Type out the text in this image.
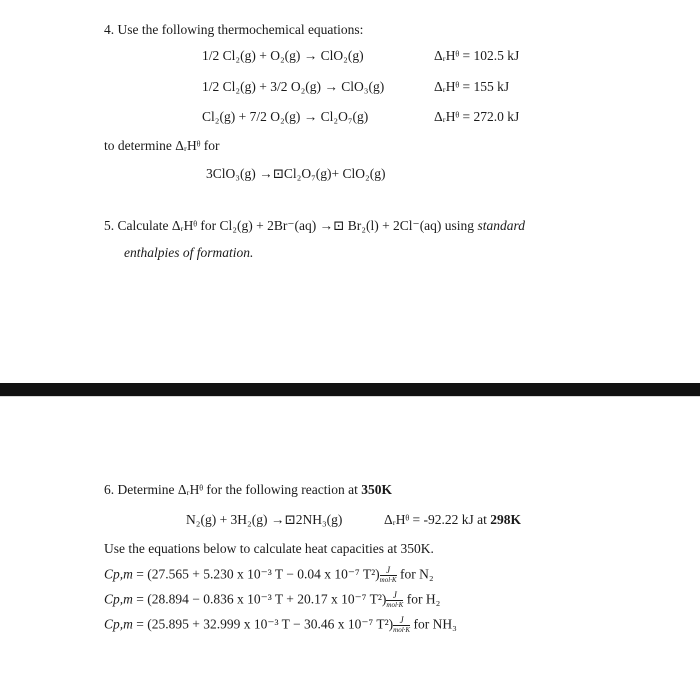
4. Use the following thermochemical equations:
1/2 Cl₂(g) + O₂(g) → ClO₂(g)	ΔᵣHᶿ = 102.5 kJ
1/2 Cl₂(g) + 3/2 O₂(g) → ClO₃(g)	ΔᵣHᶿ = 155 kJ
Cl₂(g) + 7/2 O₂(g) → Cl₂O₇(g)	ΔᵣHᶿ = 272.0 kJ
to determine ΔᵣHᶿ for
3ClO₃(g) →⊡Cl₂O₇(g)+ ClO₂(g)
5. Calculate ΔᵣHᶿ for Cl₂(g) + 2Br⁻(aq) →⊡ Br₂(l) + 2Cl⁻(aq) using standard
enthalpies of formation.
6. Determine ΔᵣHᶿ for the following reaction at 350K
N₂(g) + 3H₂(g) →⊡2NH₃(g)	ΔᵣHᶿ = -92.22 kJ at 298K
Use the equations below to calculate heat capacities at 350K.
Cp,m = (27.565 + 5.230 x 10⁻³ T − 0.04 x 10⁻⁷ $T^2) \frac{J}{\text{mol·K}}$ for N₂
Cp,m = (28.894 − 0.836 x 10⁻³ T + 20.17 x 10⁻⁷ $T^2) \frac{J}{\text{mol·K}}$ for H₂
Cp,m = (25.895 + 32.999 x 10⁻³ T − 30.46 x 10⁻⁷ $T^2) \frac{J}{\text{mol·K}}$ for NH₃
